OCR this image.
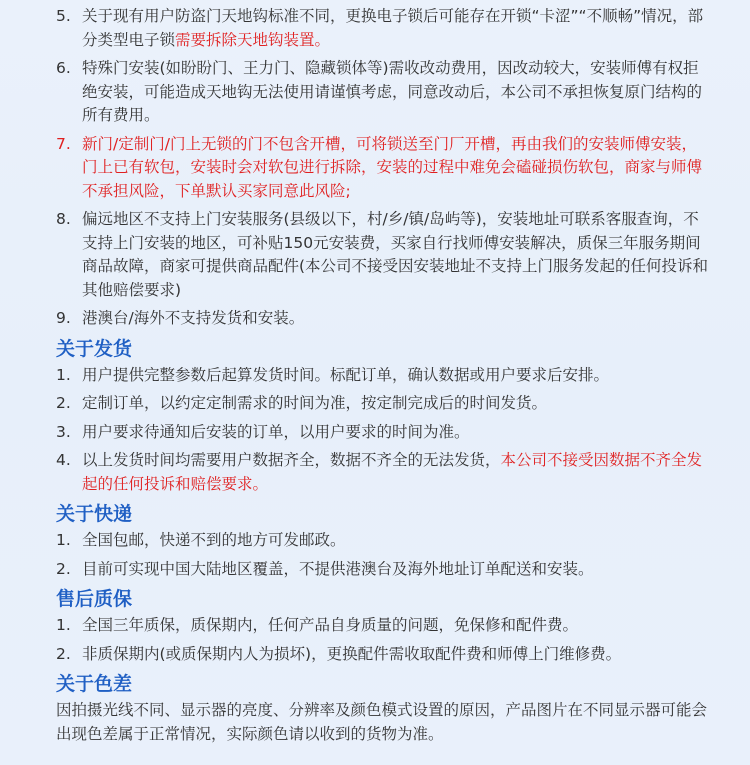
5. 关于现有用户防盗门天地钩标准不同，更换电子锁后可能存在开锁“卡涩”“不顺畅”情况，部分类型电子锁需要拆除天地钩装置。
6. 特殊门安装(如盼盼门、王力门、隐藏锁体等)需收改动费用，因改动较大，安装师傅有权拒绝安装，可能造成天地钩无法使用请谨慎考虑，同意改动后，本公司不承担恢复原门结构的所有费用。
7. 新门/定制门/门上无锁的门不包含开槽，可将锁送至门厂开槽，再由我们的安装师傅安装，门上已有软包，安装时会对软包进行拆除，安装的过程中难免会磕碰损伤软包，商家与师傅不承担风险，下单默认买家同意此风险;
8. 偏远地区不支持上门安装服务(县级以下，村/乡/镇/岛屿等)，安装地址可联系客服查询，不支持上门安装的地区，可补贴150元安装费，买家自行找师傅安装解决，质保三年服务期间商品故障，商家可提供商品配件(本公司不接受因安装地址不支持上门服务发起的任何投诉和其他赔偿要求)
9. 港澳台/海外不支持发货和安装。
关于发货
1. 用户提供完整参数后起算发货时间。标配订单，确认数据或用户要求后安排。
2. 定制订单，以约定定制需求的时间为准，按定制完成后的时间发货。
3. 用户要求待通知后安装的订单，以用户要求的时间为准。
4. 以上发货时间均需要用户数据齐全，数据不齐全的无法发货，本公司不接受因数据不齐全发起的任何投诉和赔偿要求。
关于快递
1. 全国包邮，快递不到的地方可发邮政。
2. 目前可实现中国大陆地区覆盖，不提供港澳台及海外地址订单配送和安装。
售后质保
1. 全国三年质保，质保期内，任何产品自身质量的问题，免保修和配件费。
2. 非质保期内(或质保期内人为损坏)，更换配件需收取配件费和师傅上门维修费。
关于色差

因拍摄光线不同、显示器的亮度、分辨率及颜色模式设置的原因，产品图片在不同显示器可能会出现色差属于正常情况，实际颜色请以收到的货物为准。
